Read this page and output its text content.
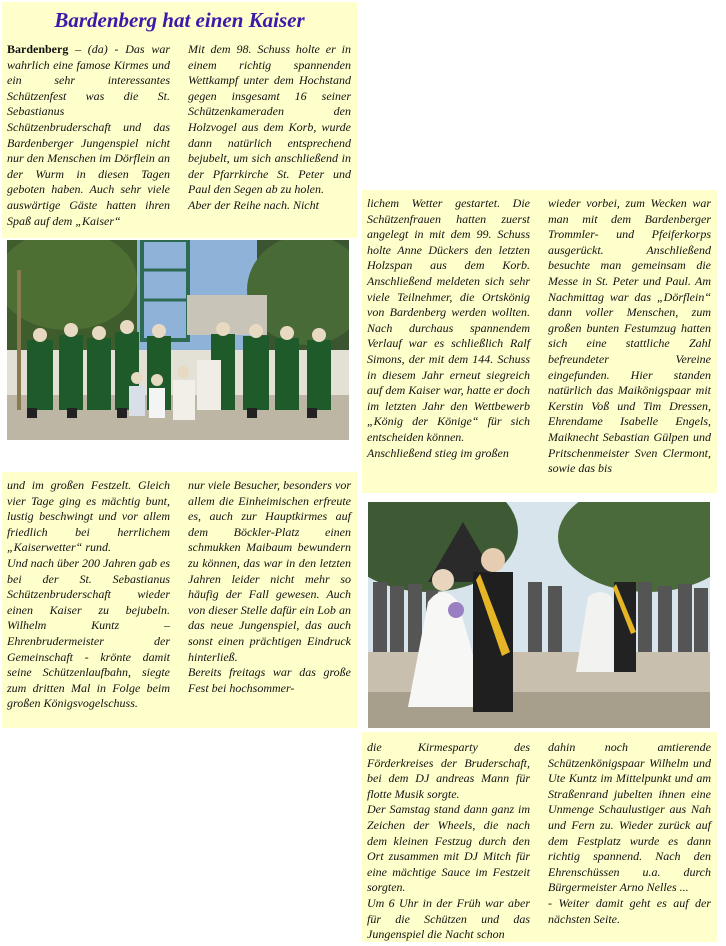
Bardenberg hat einen Kaiser

Bardenberg – (da) - Das war wahrlich eine famose Kirmes und ein sehr interessantes Schützenfest was die St. Sebastianus Schützenbruderschaft und das Bardenberger Jungenspiel nicht nur den Menschen im Dörflein an der Wurm in diesen Tagen geboten haben. Auch sehr viele auswärtige Gäste hatten ihren Spaß auf dem „Kaiser“

Mit dem 98. Schuss holte er in einem richtig spannenden Wettkampf unter dem Hochstand gegen insgesamt 16 seiner Schützenkameraden den Holzvogel aus dem Korb, wurde dann natürlich entsprechend bejubelt, um sich anschließend in der Pfarrkirche St. Peter und Paul den Segen ab zu holen.

Aber der Reihe nach. Nicht

und im großen Festzelt. Gleich vier Tage ging es mächtig bunt, lustig beschwingt und vor allem friedlich bei herrlichem „Kaiserwetter“ rund.

Und nach über 200 Jahren gab es bei der St. Sebastianus Schützenbruderschaft wieder einen Kaiser zu bejubeln. Wilhelm Kuntz – Ehrenbrudermeister der Gemeinschaft - krönte damit seine Schützenlaufbahn, siegte zum dritten Mal in Folge beim großen Königsvogelschuss.

nur viele Besucher, besonders vor allem die Einheimischen erfreute es, auch zur Hauptkirmes auf dem Böckler-Platz einen schmukken Maibaum bewundern zu können, das war in den letzten Jahren leider nicht mehr so häufig der Fall gewesen. Auch von dieser Stelle dafür ein Lob an das neue Jungenspiel, das auch sonst einen prächtigen Eindruck hinterließ.

Bereits freitags war das große Fest bei hochsommer-

lichem Wetter gestartet. Die Schützenfrauen hatten zuerst angelegt in mit dem 99. Schuss holte Anne Dückers den letzten Holzspan aus dem Korb. Anschließend meldeten sich sehr viele Teilnehmer, die Ortskönig von Bardenberg werden wollten. Nach durchaus spannendem Verlauf war es schließlich Ralf Simons, der mit dem 144. Schuss in diesem Jahr erneut siegreich auf dem Kaiser war, hatte er doch im letzten Jahr den Wettbewerb „König der Könige“ für sich entscheiden können.

Anschließend stieg im großen

wieder vorbei, zum Wecken war man mit dem Bardenberger Trommler- und Pfeiferkorps ausgerückt. Anschließend besuchte man gemeinsam die Messe in St. Peter und Paul. Am Nachmittag war das „Dörflein“ dann voller Menschen, zum großen bunten Festumzug hatten sich eine stattliche Zahl befreundeter Vereine eingefunden. Hier standen natürlich das Maikönigspaar mit Kerstin Voß und Tim Dressen, Ehrendame Isabelle Engels, Maiknecht Sebastian Gülpen und Pritschenmeister Sven Clermont, sowie das bis

die Kirmesparty des Förderkreises der Bruderschaft, bei dem DJ andreas Mann für flotte Musik sorgte.

Der Samstag stand dann ganz im Zeichen der Wheels, die nach dem kleinen Festzug durch den Ort zusammen mit DJ Mitch für eine mächtige Sauce im Festzeit sorgten.

Um 6 Uhr in der Früh war aber für die Schützen und das Jungenspiel die Nacht schon

dahin noch amtierende Schützenkönigspaar Wilhelm und Ute Kuntz im Mittelpunkt und am Straßenrand jubelten ihnen eine Unmenge Schaulustiger aus Nah und Fern zu. Wieder zurück auf dem Festplatz wurde es dann richtig spannend. Nach den Ehrenschüssen u.a. durch Bürgermeister Arno Nelles ...

- Weiter damit geht es auf der nächsten Seite.
